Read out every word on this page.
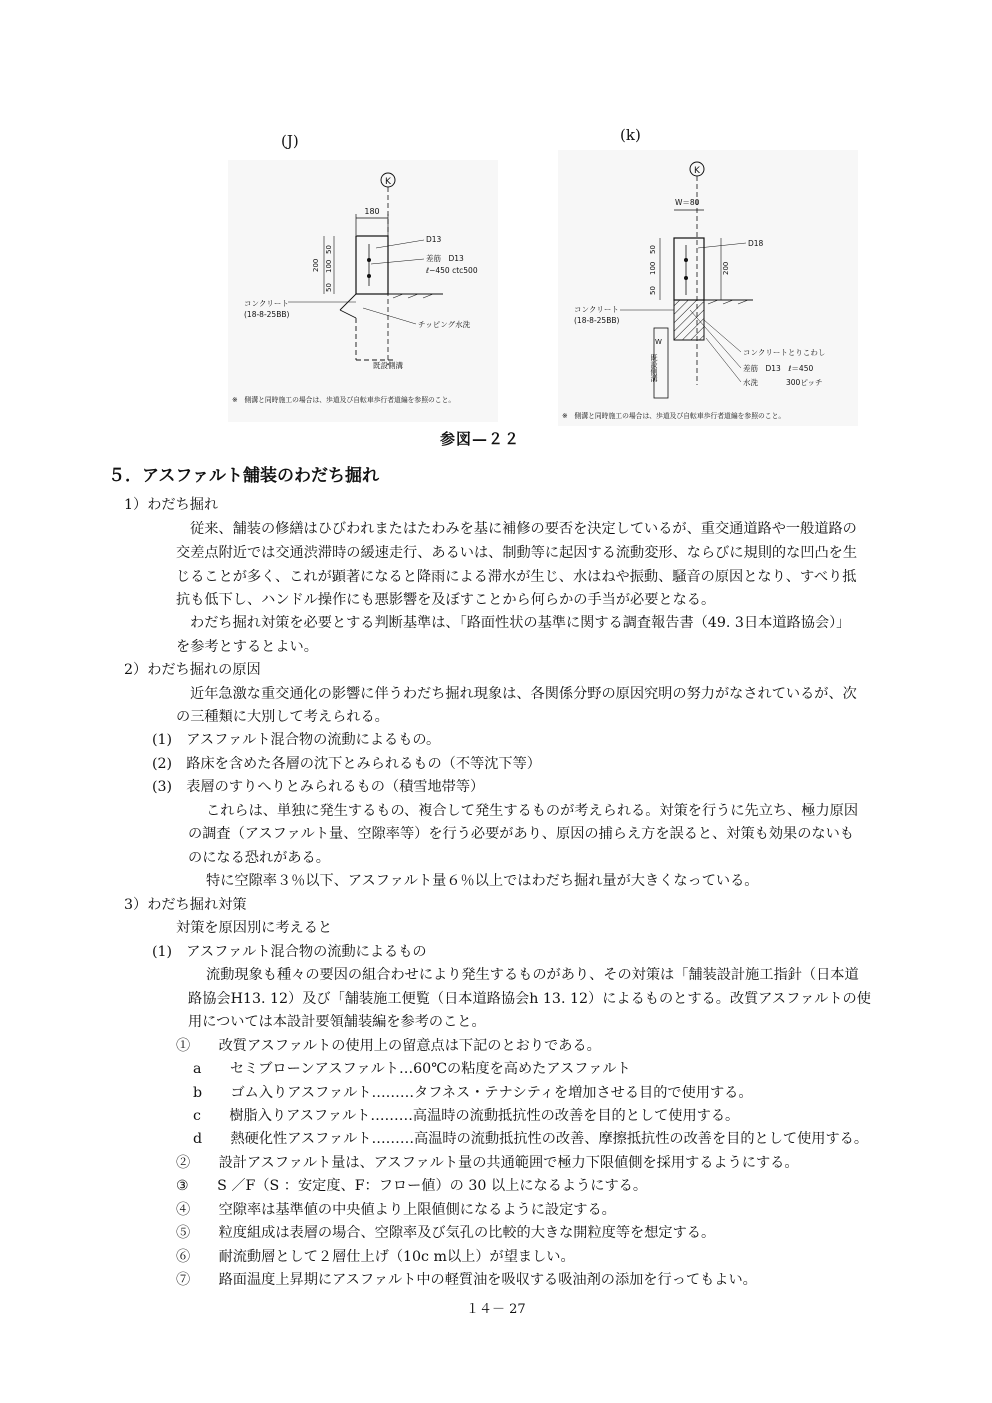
(J)	(k)
K
180
200
50
100
50
D13
差筋　D13
ℓ−450 ctc500
コンクリート
(18-8-25BB)
チッピング水洗
既設側溝
※　側溝と同時施工の場合は、歩道及び自転車歩行者道編を参照のこと。
K
W＝80
50
100
50
200
D18
コンクリート
(18-8-25BB)
W
既設側溝
コンクリートとりこわし
差筋　D13　ℓ＝450
水洗	300ピッチ
※　側溝と同時施工の場合は、歩道及び自転車歩行者道編を参照のこと。
参図—２２
５．アスファルト舗装のわだち掘れ
1）わだち掘れ
従来、舗装の修繕はひびわれまたはたわみを基に補修の要否を決定しているが、重交通道路や一般道路の
交差点附近では交通渋滞時の緩速走行、あるいは、制動等に起因する流動変形、ならびに規則的な凹凸を生
じることが多く、これが顕著になると降雨による滞水が生じ、水はねや振動、騒音の原因となり、すべり抵
抗も低下し、ハンドル操作にも悪影響を及ぼすことから何らかの手当が必要となる。
わだち掘れ対策を必要とする判断基準は、「路面性状の基準に関する調査報告書（49. 3日本道路協会）」
を参考とするとよい。
2）わだち掘れの原因
近年急激な重交通化の影響に伴うわだち掘れ現象は、各関係分野の原因究明の努力がなされているが、次
の三種類に大別して考えられる。
(1)　アスファルト混合物の流動によるもの。
(2)　路床を含めた各層の沈下とみられるもの（不等沈下等）
(3)　表層のすりへりとみられるもの（積雪地帯等）
これらは、単独に発生するもの、複合して発生するものが考えられる。対策を行うに先立ち、極力原因
の調査（アスファルト量、空隙率等）を行う必要があり、原因の捕らえ方を誤ると、対策も効果のないも
のになる恐れがある。
特に空隙率３％以下、アスファルト量６％以上ではわだち掘れ量が大きくなっている。
3）わだち掘れ対策
対策を原因別に考えると
(1)　アスファルト混合物の流動によるもの
流動現象も種々の要因の組合わせにより発生するものがあり、その対策は「舗装設計施工指針（日本道
路協会H13. 12）及び「舗装施工便覧（日本道路協会h 13. 12）によるものとする。改質アスファルトの使
用については本設計要領舗装編を参考のこと。
①　　改質アスファルトの使用上の留意点は下記のとおりである。
a　　セミブローンアスファルト…60℃の粘度を高めたアスファルト
b　　ゴム入りアスファルト………タフネス・テナシティを増加させる目的で使用する。
c　　樹脂入りアスファルト………高温時の流動抵抗性の改善を目的として使用する。
d　　熱硬化性アスファルト………高温時の流動抵抗性の改善、摩擦抵抗性の改善を目的として使用する。
②　　設計アスファルト量は、アスファルト量の共通範囲で極力下限値側を採用するようにする。
③　　S ／F（S ：安定度、F：フロー値）の 30 以上になるようにする。
④　　空隙率は基準値の中央値より上限値側になるように設定する。
⑤　　粒度組成は表層の場合、空隙率及び気孔の比較的大きな開粒度等を想定する。
⑥　　耐流動層として２層仕上げ（10c m以上）が望ましい。
⑦　　路面温度上昇期にアスファルト中の軽質油を吸収する吸油剤の添加を行ってもよい。
１４－ 27
